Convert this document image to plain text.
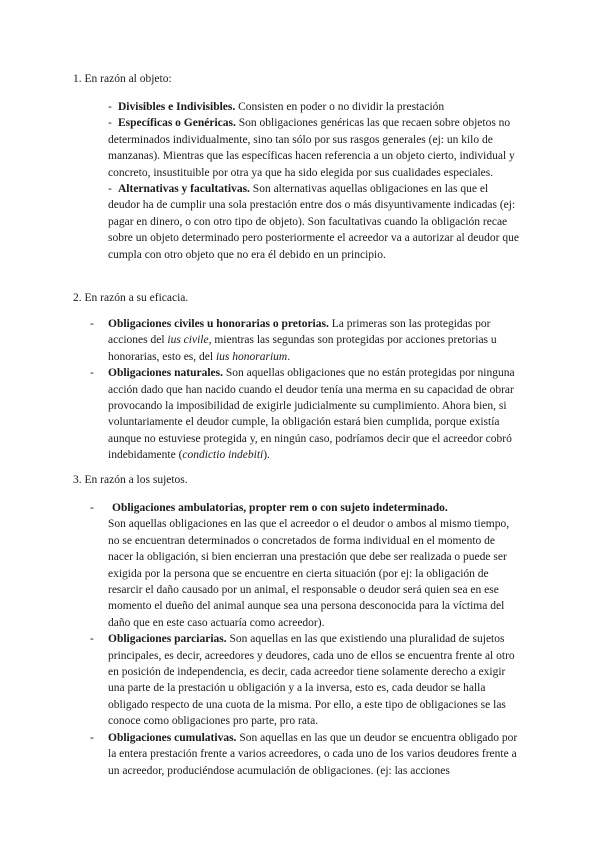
1. En razón al objeto:

- Divisibles e Indivisibles. Consisten en poder o no dividir la prestación

- Específicas o Genéricas. Son obligaciones genéricas las que recaen sobre objetos no determinados individualmente, sino tan sólo por sus rasgos generales (ej: un kilo de manzanas). Mientras que las específicas hacen referencia a un objeto cierto, individual y concreto, insustituible por otra ya que ha sido elegida por sus cualidades especiales.

- Alternativas y facultativas. Son alternativas aquellas obligaciones en las que el deudor ha de cumplir una sola prestación entre dos o más disyuntivamente indicadas (ej: pagar en dinero, o con otro tipo de objeto). Son facultativas cuando la obligación recae sobre un objeto determinado pero posteriormente el acreedor va a autorizar al deudor que cumpla con otro objeto que no era él debido en un principio.

2. En razón a su eficacia.

- Obligaciones civiles u honorarias o pretorias. La primeras son las protegidas por acciones del ius civile, mientras las segundas son protegidas por acciones pretorias u honorarias, esto es, del ius honorarium.

- Obligaciones naturales. Son aquellas obligaciones que no están protegidas por ninguna acción dado que han nacido cuando el deudor tenía una merma en su capacidad de obrar provocando la imposibilidad de exigirle judicialmente su cumplimiento. Ahora bien, si voluntariamente el deudor cumple, la obligación estará bien cumplida, porque existía aunque no estuviese protegida y, en ningún caso, podríamos decir que el acreedor cobró indebidamente (condictio indebiti).

3. En razón a los sujetos.

-	Obligaciones ambulatorias, propter rem o con sujeto indeterminado.

Son aquellas obligaciones en las que el acreedor o el deudor o ambos al mismo tiempo, no se encuentran determinados o concretados de forma individual en el momento de nacer la obligación, si bien encierran una prestación que debe ser realizada o puede ser exigida por la persona que se encuentre en cierta situación (por ej: la obligación de resarcir el daño causado por un animal, el responsable o deudor será quien sea en ese momento el dueño del animal aunque sea una persona desconocida para la víctima del daño que en este caso actuaría como acreedor).

- Obligaciones parciarias. Son aquellas en las que existiendo una pluralidad de sujetos principales, es decir, acreedores y deudores, cada uno de ellos se encuentra frente al otro en posición de independencia, es decir, cada acreedor tiene solamente derecho a exigir una parte de la prestación u obligación y a la inversa, esto es, cada deudor se halla obligado respecto de una cuota de la misma. Por ello, a este tipo de obligaciones se las conoce como obligaciones pro parte, pro rata.

- Obligaciones cumulativas. Son aquellas en las que un deudor se encuentra obligado por la entera prestación frente a varios acreedores, o cada uno de los varios deudores frente a un acreedor, produciéndose acumulación de obligaciones. (ej: las acciones
